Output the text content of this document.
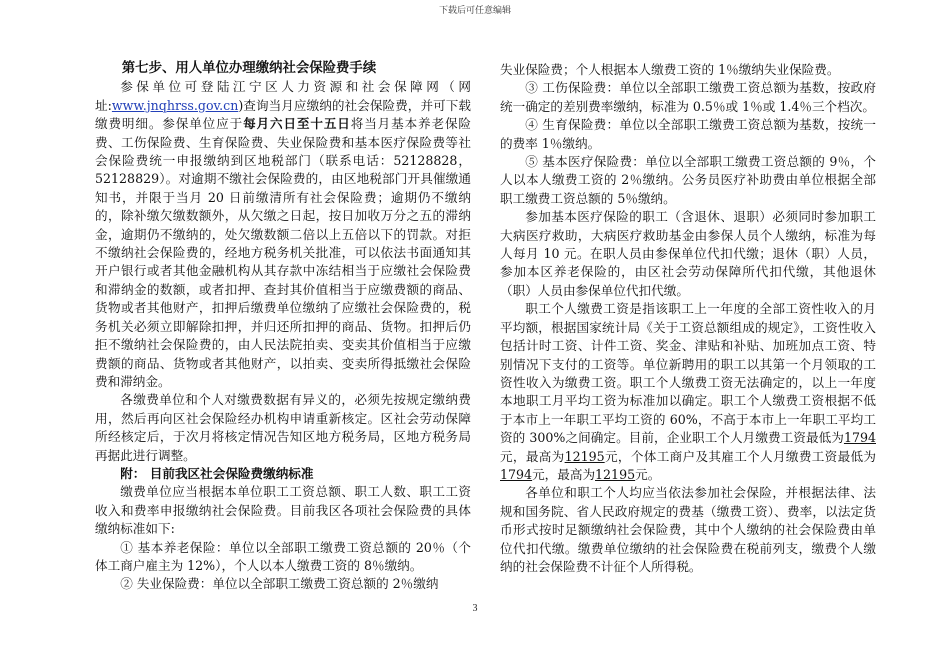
下载后可任意编辑

第七步、用人单位办理缴纳社会保险费手续

参保单位可登陆江宁区人力资源和社会保障网（网址:www.jnqhrss.gov.cn)查询当月应缴纳的社会保险费，并可下载缴费明细。参保单位应于每月六日至十五日将当月基本养老保险费、工伤保险费、生育保险费、失业保险费和基本医疗保险费等社会保险费统一申报缴纳到区地税部门（联系电话：52128828，52128829）。对逾期不缴社会保险费的，由区地税部门开具催缴通知书，并限于当月 20 日前缴清所有社会保险费；逾期仍不缴纳的，除补缴欠缴数额外，从欠缴之日起，按日加收万分之五的滞纳金，逾期仍不缴纳的，处欠缴数额二倍以上五倍以下的罚款。对拒不缴纳社会保险费的，经地方税务机关批准，可以依法书面通知其开户银行或者其他金融机构从其存款中冻结相当于应缴社会保险费和滞纳金的数额，或者扣押、查封其价值相当于应缴费额的商品、货物或者其他财产，扣押后缴费单位缴纳了应缴社会保险费的，税务机关必须立即解除扣押，并归还所扣押的商品、货物。扣押后仍拒不缴纳社会保险费的，由人民法院拍卖、变卖其价值相当于应缴费额的商品、货物或者其他财产，以拍卖、变卖所得抵缴社会保险费和滞纳金。

各缴费单位和个人对缴费数据有异义的，必须先按规定缴纳费用，然后再向区社会保险经办机构申请重新核定。区社会劳动保障所经核定后，于次月将核定情况告知区地方税务局，区地方税务局再据此进行调整。

附： 目前我区社会保险费缴纳标准

缴费单位应当根据本单位职工工资总额、职工人数、职工工资收入和费率申报缴纳社会保险费。目前我区各项社会保险费的具体缴纳标准如下:

① 基本养老保险：单位以全部职工缴费工资总额的 20％（个体工商户雇主为 12%），个人以本人缴费工资的 8％缴纳。

② 失业保险费：单位以全部职工缴费工资总额的 2％缴纳

失业保险费；个人根据本人缴费工资的 1％缴纳失业保险费。

③ 工伤保险费：单位以全部职工缴费工资总额为基数，按政府统一确定的差别费率缴纳，标准为 0.5％或 1％或 1.4％三个档次。

④ 生育保险费：单位以全部职工缴费工资总额为基数，按统一的费率 1％缴纳。

⑤ 基本医疗保险费：单位以全部职工缴费工资总额的 9％，个人以本人缴费工资的 2％缴纳。公务员医疗补助费由单位根据全部职工缴费工资总额的 5％缴纳。

参加基本医疗保险的职工（含退休、退职）必须同时参加职工大病医疗救助，大病医疗救助基金由参保人员个人缴纳，标准为每人每月 10 元。在职人员由参保单位代扣代缴；退休（职）人员，参加本区养老保险的，由区社会劳动保障所代扣代缴，其他退休（职）人员由参保单位代扣代缴。

职工个人缴费工资是指该职工上一年度的全部工资性收入的月平均额，根据国家统计局《关于工资总额组成的规定》，工资性收入包括计时工资、计件工资、奖金、津贴和补贴、加班加点工资、特别情况下支付的工资等。单位新聘用的职工以其第一个月领取的工资性收入为缴费工资。职工个人缴费工资无法确定的，以上一年度本地职工月平均工资为标准加以确定。职工个人缴费工资根据不低于本市上一年职工平均工资的 60%，不高于本市上一年职工平均工资的 300%之间确定。目前，企业职工个人月缴费工资最低为1794元，最高为12195元，个体工商户及其雇工个人月缴费工资最低为1794元，最高为12195元。

各单位和职工个人均应当依法参加社会保险，并根据法律、法规和国务院、省人民政府规定的费基（缴费工资）、费率，以法定货币形式按时足额缴纳社会保险费，其中个人缴纳的社会保险费由单位代扣代缴。缴费单位缴纳的社会保险费在税前列支，缴费个人缴纳的社会保险费不计征个人所得税。

3
